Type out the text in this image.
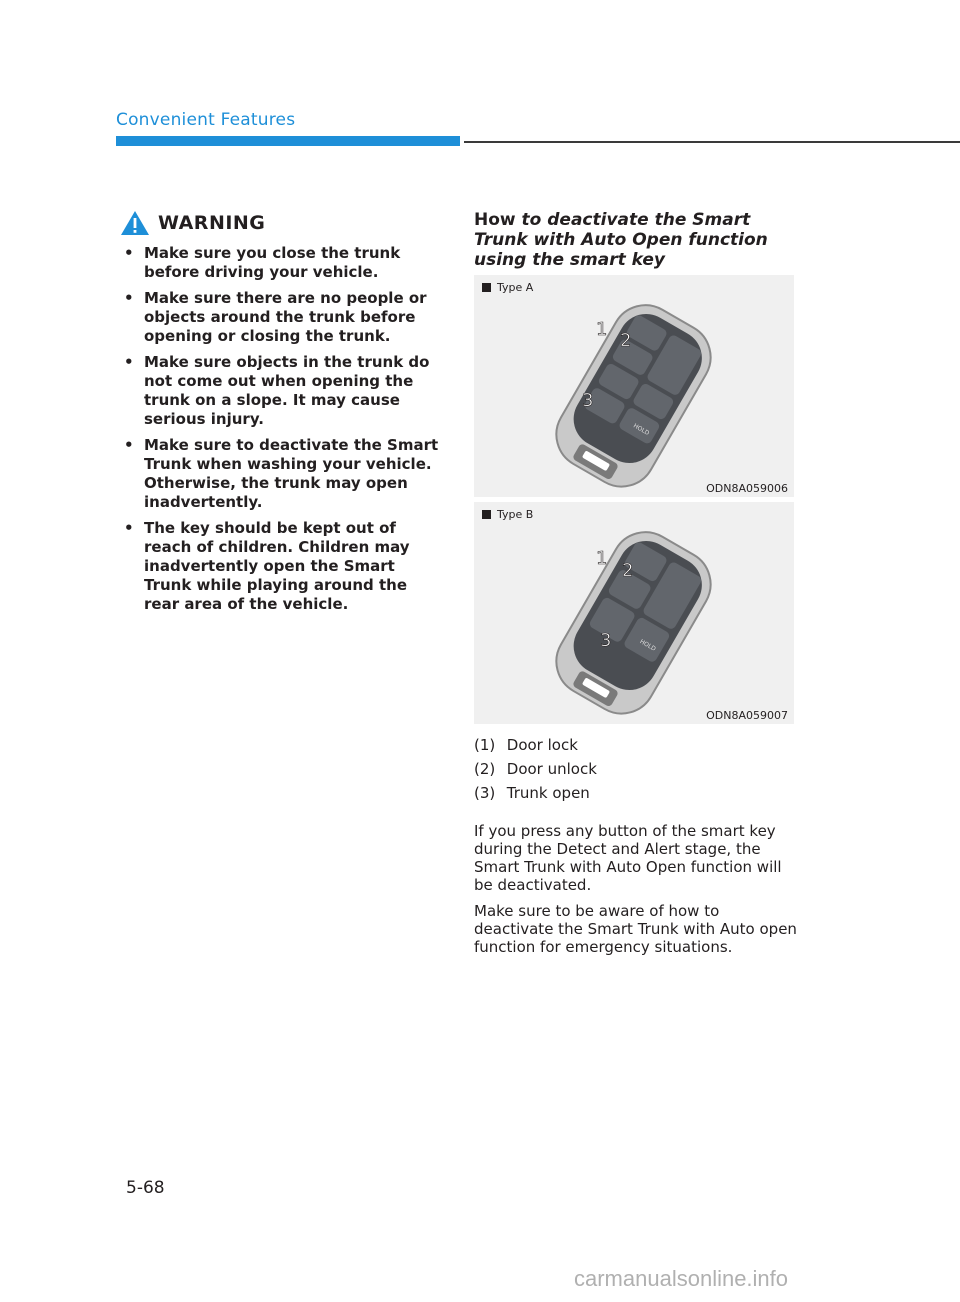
Convenient Features
WARNING
• Make sure you close the trunk before driving your vehicle.
• Make sure there are no people or objects around the trunk before opening or closing the trunk.
• Make sure objects in the trunk do not come out when opening the trunk on a slope. It may cause serious injury.
• Make sure to deactivate the Smart Trunk when washing your vehicle. Otherwise, the trunk may open inadvertently.
• The key should be kept out of reach of children. Children may inadvertently open the Smart Trunk while playing around the rear area of the vehicle.
How to deactivate the Smart Trunk with Auto Open function using the smart key
Type A
HOLD
1
2
3
ODN8A059006
Type B
HOLD
1
2
3
ODN8A059007
(1) Door lock
(2) Door unlock
(3) Trunk open

If you press any button of the smart key during the Detect and Alert stage, the Smart Trunk with Auto Open function will be deactivated.

Make sure to be aware of how to deactivate the Smart Trunk with Auto open function for emergency situations.

5-68
carmanualsonline.info
